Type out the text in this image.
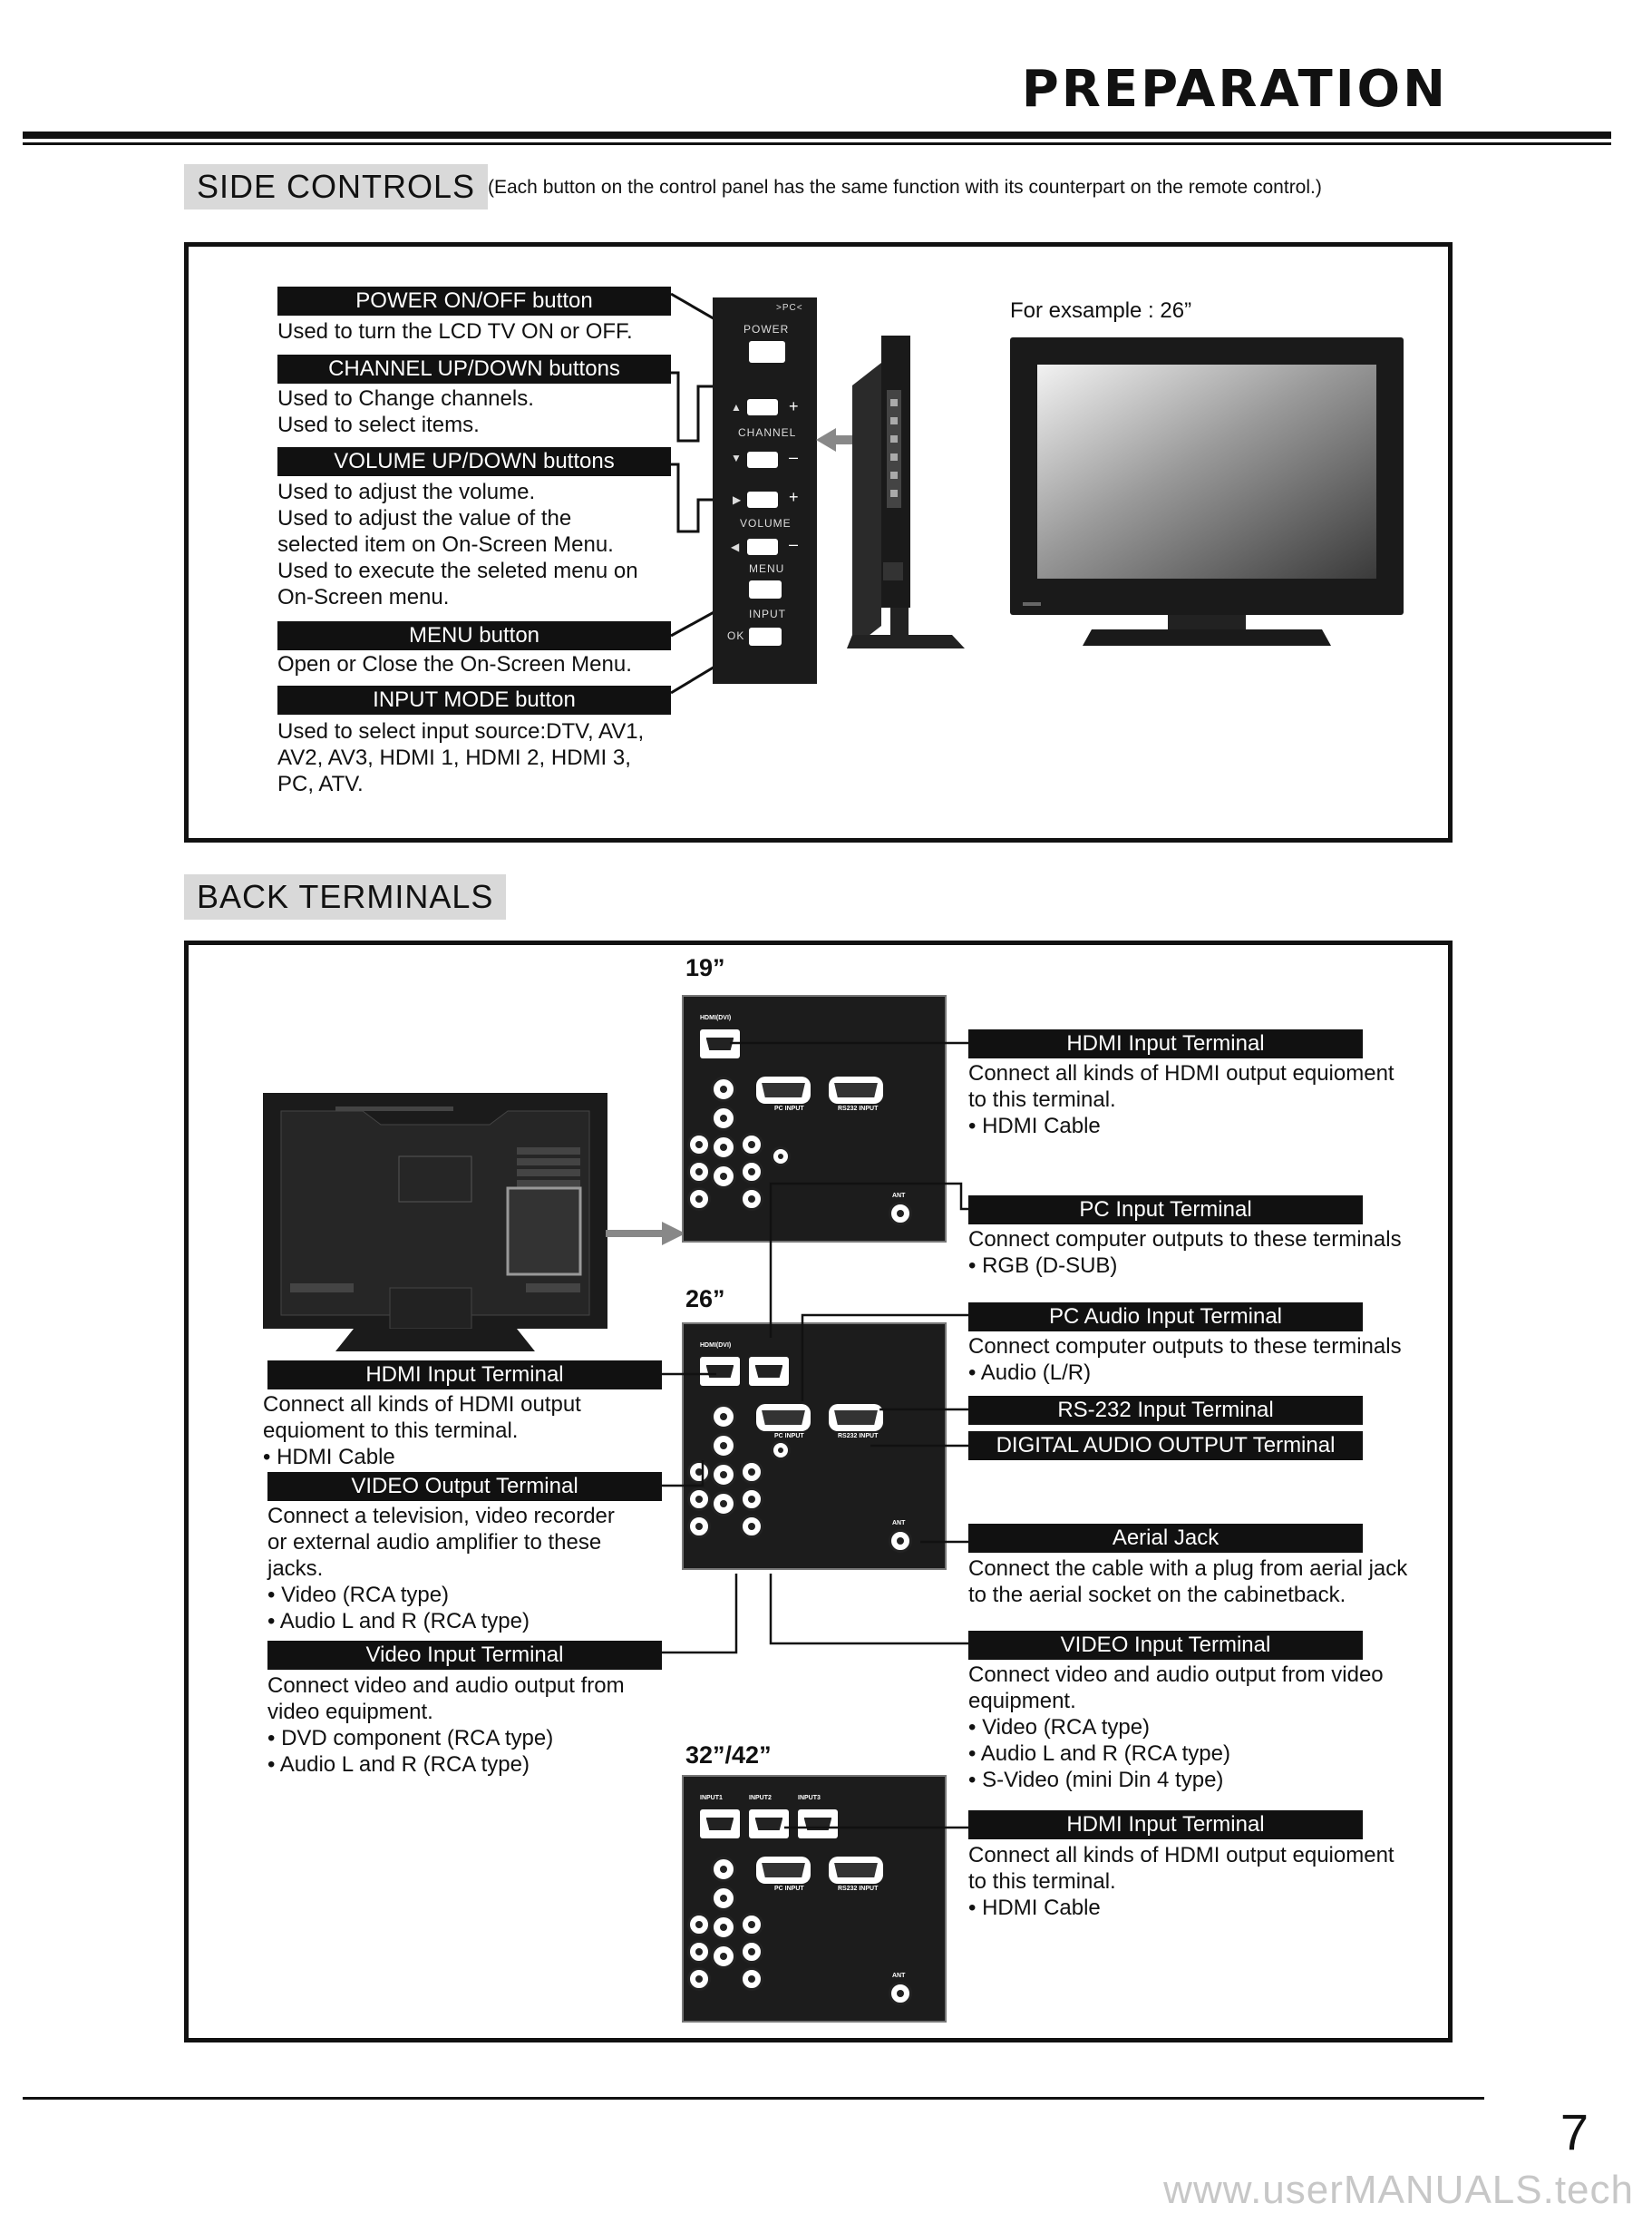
PREPARATION
SIDE CONTROLS (Each button on the control panel has the same function with its counterpart on the remote control.)
POWER ON/OFF button
Used to turn the LCD TV ON or OFF.
CHANNEL UP/DOWN buttons
Used to Change channels.
Used to select items.
VOLUME UP/DOWN buttons
Used to adjust the volume.
Used to adjust the value of the
selected item on On-Screen Menu.
Used to execute the seleted menu on
On-Screen menu.
MENU button
Open or Close the On-Screen Menu.
INPUT MODE button
Used to select input source:DTV, AV1,
AV2, AV3, HDMI 1, HDMI 2, HDMI 3,
PC, ATV.
>PC<
POWER
▲	+
CHANNEL
▼	–
▶	+
VOLUME
◀	–
MENU
INPUT
OK
For exsample : 26”
BACK TERMINALS
19”
26”
32”/42”
HDMI(DVI)
PC INPUT	RS232 INPUT
ANT
HDMI(DVI)
PC INPUT	RS232 INPUT
ANT
INPUT1	INPUT2	INPUT3
PC INPUT	RS232 INPUT
ANT
HDMI Input Terminal
Connect all kinds of HDMI output
equioment to this terminal.
• HDMI Cable
VIDEO Output Terminal
Connect a television, video recorder
or external audio amplifier to these
jacks.
• Video (RCA type)
• Audio L and R (RCA type)
Video Input Terminal
Connect video and audio output from
video equipment.
• DVD component (RCA type)
• Audio L and R (RCA type)
HDMI Input Terminal
Connect all kinds of HDMI output equioment
to this terminal.
• HDMI Cable
PC Input Terminal
Connect computer outputs to these terminals
• RGB (D-SUB)
PC Audio Input Terminal
Connect computer outputs to these terminals
• Audio (L/R)
RS-232 Input Terminal
DIGITAL AUDIO OUTPUT Terminal
Aerial Jack
Connect the cable with a plug from aerial jack
to the aerial socket on the cabinetback.
VIDEO Input Terminal
Connect video and audio output from video
equipment.
• Video (RCA type)
• Audio L and R (RCA type)
• S-Video (mini Din 4 type)
HDMI Input Terminal
Connect all kinds of HDMI output equioment
to this terminal.
• HDMI Cable
7
www.userMANUALS.tech
